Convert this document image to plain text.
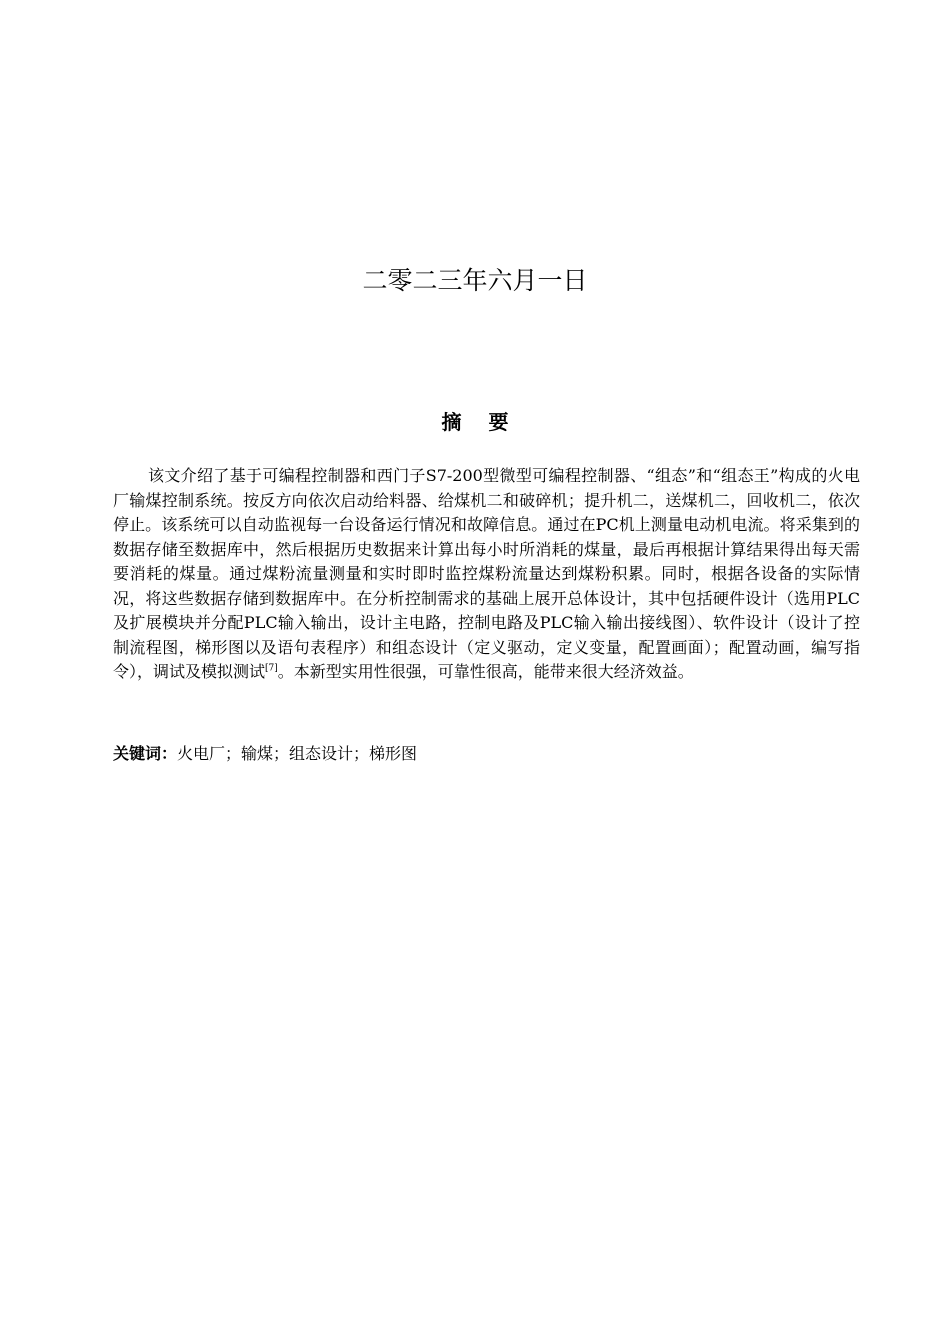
二零二三年六月一日
摘 要

该文介绍了基于可编程控制器和西门子S7-200型微型可编程控制器、“组态”和“组态王”构成的火电厂输煤控制系统。按反方向依次启动给料器、给煤机二和破碎机；提升机二，送煤机二，回收机二，依次停止。该系统可以自动监视每一台设备运行情况和故障信息。通过在PC机上测量电动机电流。将采集到的数据存储至数据库中，然后根据历史数据来计算出每小时所消耗的煤量，最后再根据计算结果得出每天需要消耗的煤量。通过煤粉流量测量和实时即时监控煤粉流量达到煤粉积累。同时，根据各设备的实际情况，将这些数据存储到数据库中。在分析控制需求的基础上展开总体设计，其中包括硬件设计（选用PLC及扩展模块并分配PLC输入输出，设计主电路，控制电路及PLC输入输出接线图）、软件设计（设计了控制流程图，梯形图以及语句表程序）和组态设计（定义驱动，定义变量，配置画面）；配置动画，编写指令），调试及模拟测试[7]。本新型实用性很强，可靠性很高，能带来很大经济效益。

关键词：火电厂；输煤；组态设计；梯形图
